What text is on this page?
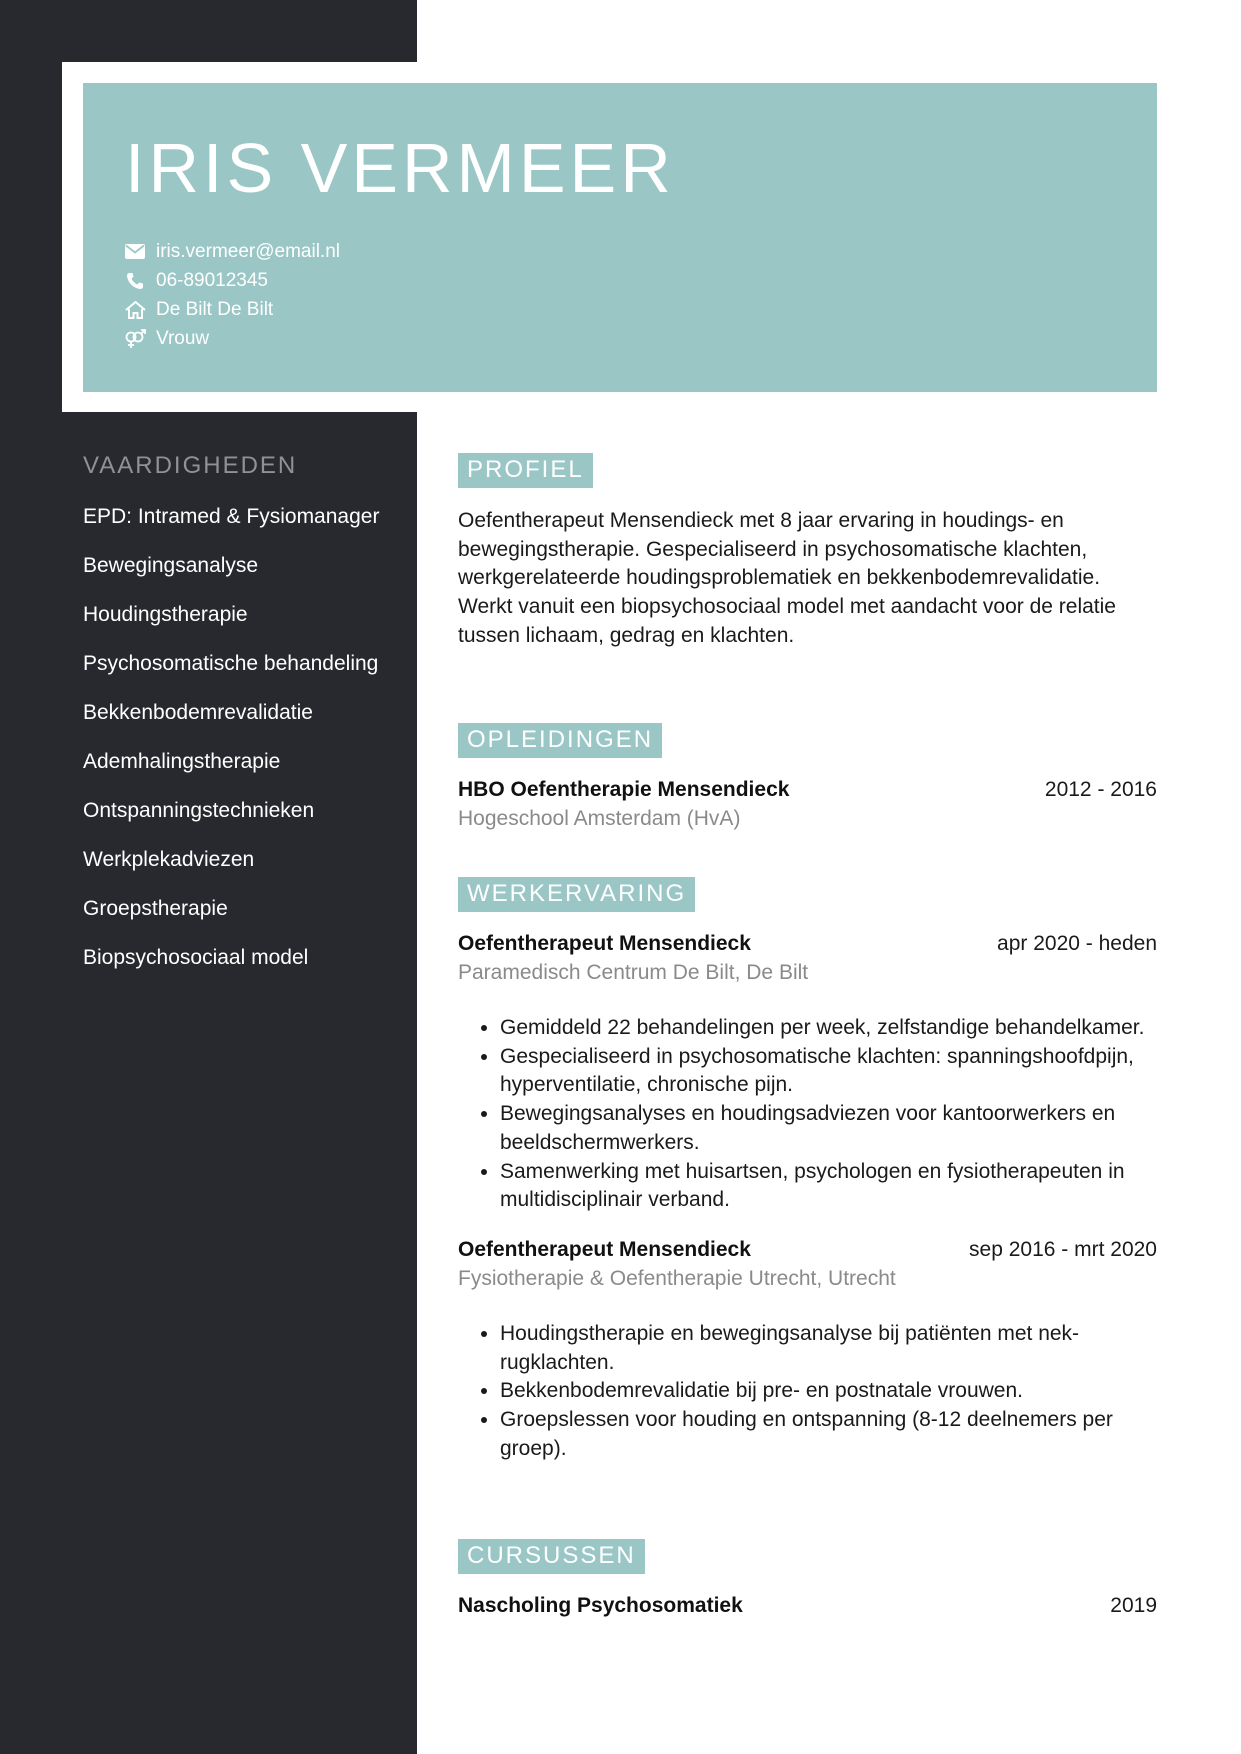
IRIS VERMEER
iris.vermeer@email.nl
06-89012345
De Bilt De Bilt
Vrouw
VAARDIGHEDEN
EPD: Intramed & Fysiomanager
Bewegingsanalyse
Houdingstherapie
Psychosomatische behandeling
Bekkenbodemrevalidatie
Ademhalingstherapie
Ontspanningstechnieken
Werkplekadviezen
Groepstherapie
Biopsychosociaal model
PROFIEL

Oefentherapeut Mensendieck met 8 jaar ervaring in houdings- en bewegingstherapie. Gespecialiseerd in psychosomatische klachten, werkgerelateerde houdingsproblematiek en bekkenbodemrevalidatie. Werkt vanuit een biopsychosociaal model met aandacht voor de relatie tussen lichaam, gedrag en klachten.

OPLEIDINGEN
HBO Oefentherapie Mensendieck	2012 - 2016
Hogeschool Amsterdam (HvA)
WERKERVARING
Oefentherapeut Mensendieck	apr 2020 - heden
Paramedisch Centrum De Bilt, De Bilt
• Gemiddeld 22 behandelingen per week, zelfstandige behandelkamer.
• Gespecialiseerd in psychosomatische klachten: spanningshoofdpijn, hyperventilatie, chronische pijn.
• Bewegingsanalyses en houdingsadviezen voor kantoorwerkers en beeldschermwerkers.
• Samenwerking met huisartsen, psychologen en fysiotherapeuten in multidisciplinair verband.
Oefentherapeut Mensendieck	sep 2016 - mrt 2020
Fysiotherapie & Oefentherapie Utrecht, Utrecht
• Houdingstherapie en bewegingsanalyse bij patiënten met nek-rugklachten.
• Bekkenbodemrevalidatie bij pre- en postnatale vrouwen.
• Groepslessen voor houding en ontspanning (8-12 deelnemers per groep).
CURSUSSEN
Nascholing Psychosomatiek	2019
